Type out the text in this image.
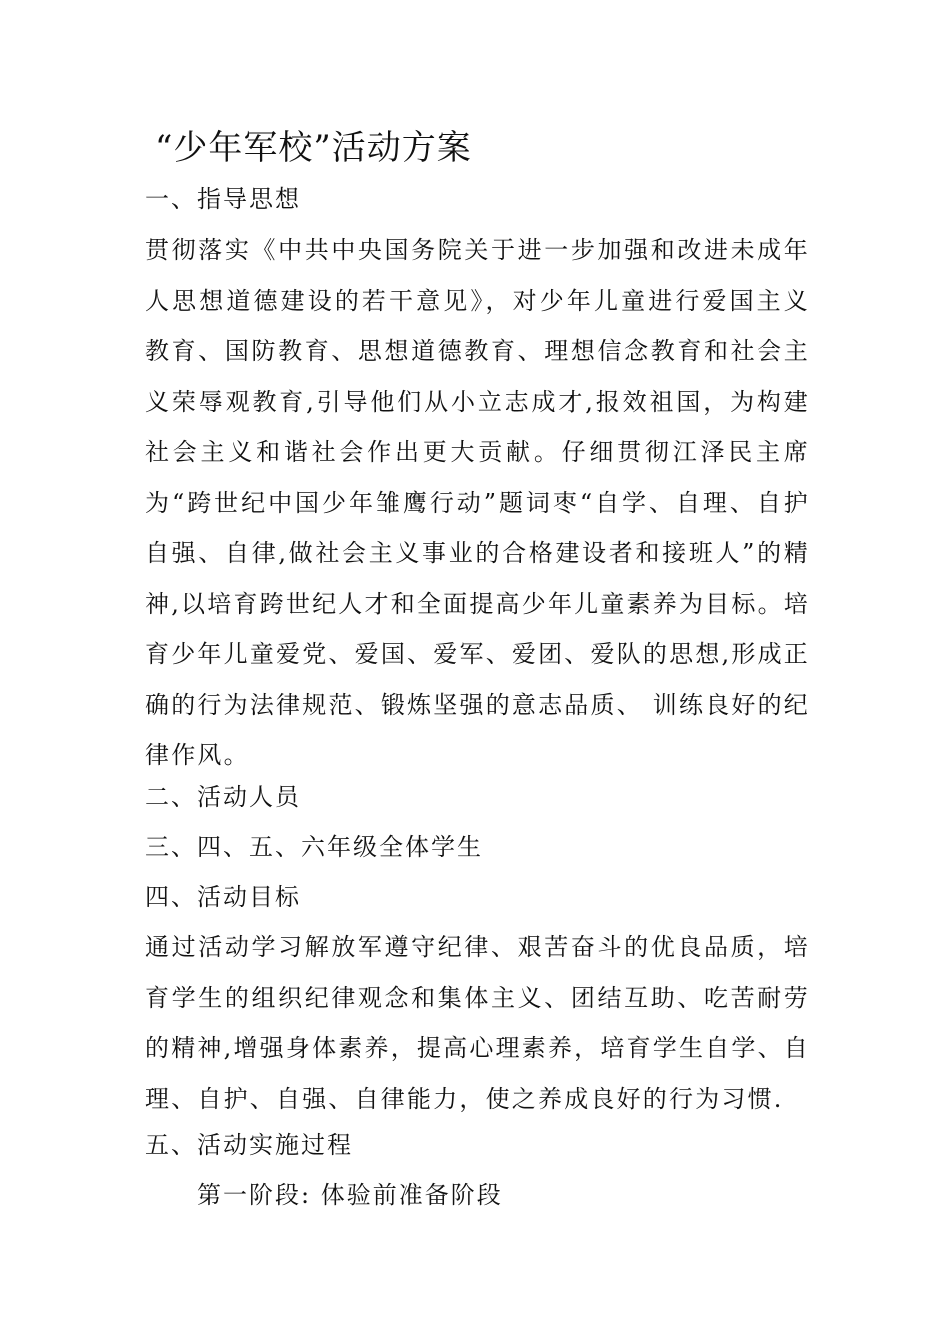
“少年军校”活动方案
一、指导思想
贯彻落实《中共中央国务院关于进一步加强和改进未成年人思想道德建设的若干意见》，对少年儿童进行爱国主义教育、国防教育、思想道德教育、理想信念教育和社会主义荣辱观教育,引导他们从小立志成才,报效祖国，为构建社会主义和谐社会作出更大贡献。仔细贯彻江泽民主席为“跨世纪中国少年雏鹰行动”题词枣“自学、自理、自护自强、自律,做社会主义事业的合格建设者和接班人”的精神,以培育跨世纪人才和全面提高少年儿童素养为目标。培育少年儿童爱党、爱国、爱军、爱团、爱队的思想,形成正确的行为法律规范、锻炼坚强的意志品质、 训练良好的纪律作风。
二、活动人员
三、四、五、六年级全体学生
四、活动目标
通过活动学习解放军遵守纪律、艰苦奋斗的优良品质，培育学生的组织纪律观念和集体主义、团结互助、吃苦耐劳的精神,增强身体素养，提高心理素养，培育学生自学、自理、自护、自强、自律能力，使之养成良好的行为习惯.
五、活动实施过程
第一阶段: 体验前准备阶段
